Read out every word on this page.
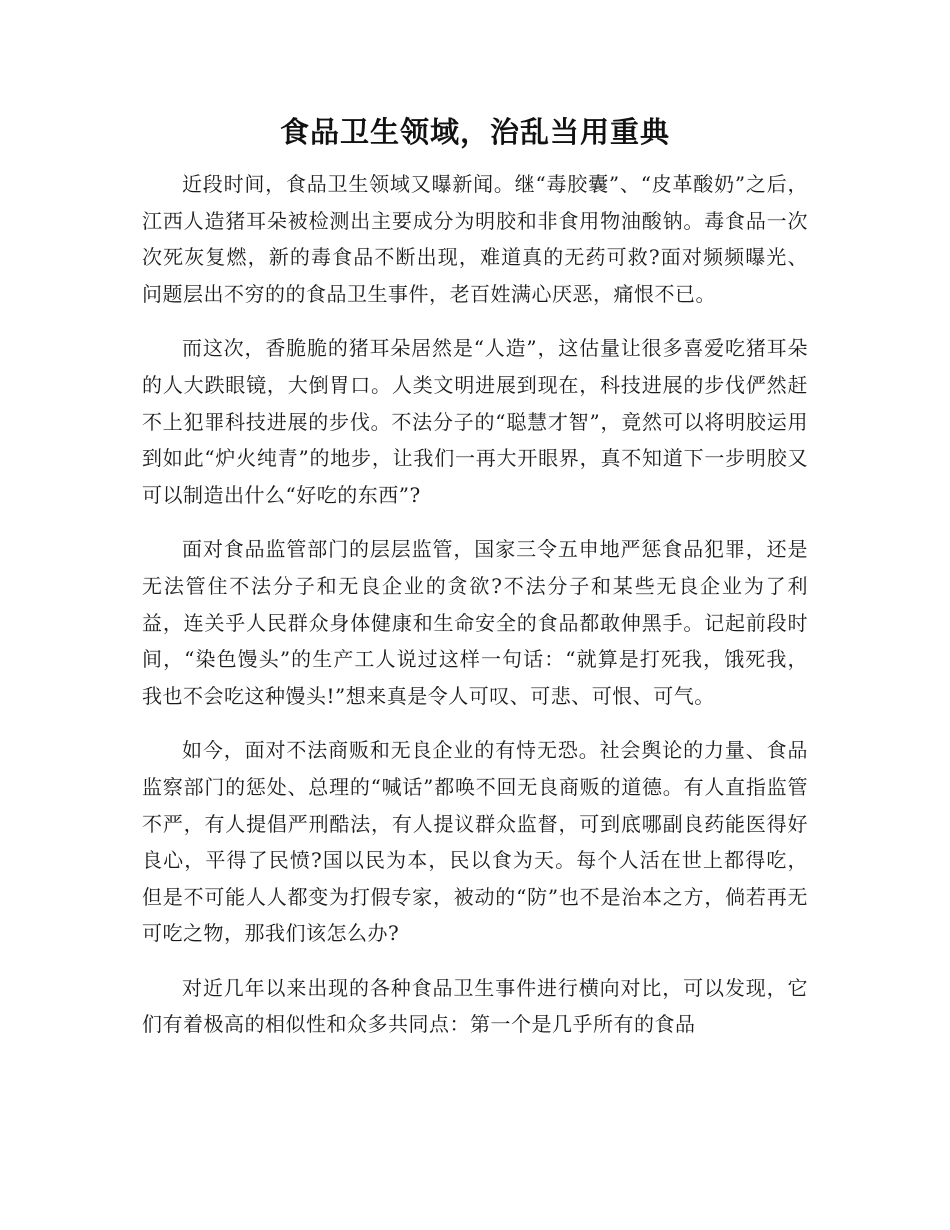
食品卫生领域，治乱当用重典

近段时间，食品卫生领域又曝新闻。继“毒胶囊”、“皮革酸奶”之后，江西人造猪耳朵被检测出主要成分为明胶和非食用物油酸钠。毒食品一次次死灰复燃，新的毒食品不断出现，难道真的无药可救?面对频频曝光、问题层出不穷的的食品卫生事件，老百姓满心厌恶，痛恨不已。

而这次，香脆脆的猪耳朵居然是“人造”，这估量让很多喜爱吃猪耳朵的人大跌眼镜，大倒胃口。人类文明进展到现在，科技进展的步伐俨然赶不上犯罪科技进展的步伐。不法分子的“聪慧才智”，竟然可以将明胶运用到如此“炉火纯青”的地步，让我们一再大开眼界，真不知道下一步明胶又可以制造出什么“好吃的东西”?

面对食品监管部门的层层监管，国家三令五申地严惩食品犯罪，还是无法管住不法分子和无良企业的贪欲?不法分子和某些无良企业为了利益，连关乎人民群众身体健康和生命安全的食品都敢伸黑手。记起前段时间，“染色馒头”的生产工人说过这样一句话：“就算是打死我，饿死我，我也不会吃这种馒头!”想来真是令人可叹、可悲、可恨、可气。

如今，面对不法商贩和无良企业的有恃无恐。社会舆论的力量、食品监察部门的惩处、总理的“喊话”都唤不回无良商贩的道德。有人直指监管不严，有人提倡严刑酷法，有人提议群众监督，可到底哪副良药能医得好良心，平得了民愤?国以民为本，民以食为天。每个人活在世上都得吃，但是不可能人人都变为打假专家，被动的“防”也不是治本之方，倘若再无可吃之物，那我们该怎么办?

对近几年以来出现的各种食品卫生事件进行横向对比，可以发现，它们有着极高的相似性和众多共同点：第一个是几乎所有的食品
